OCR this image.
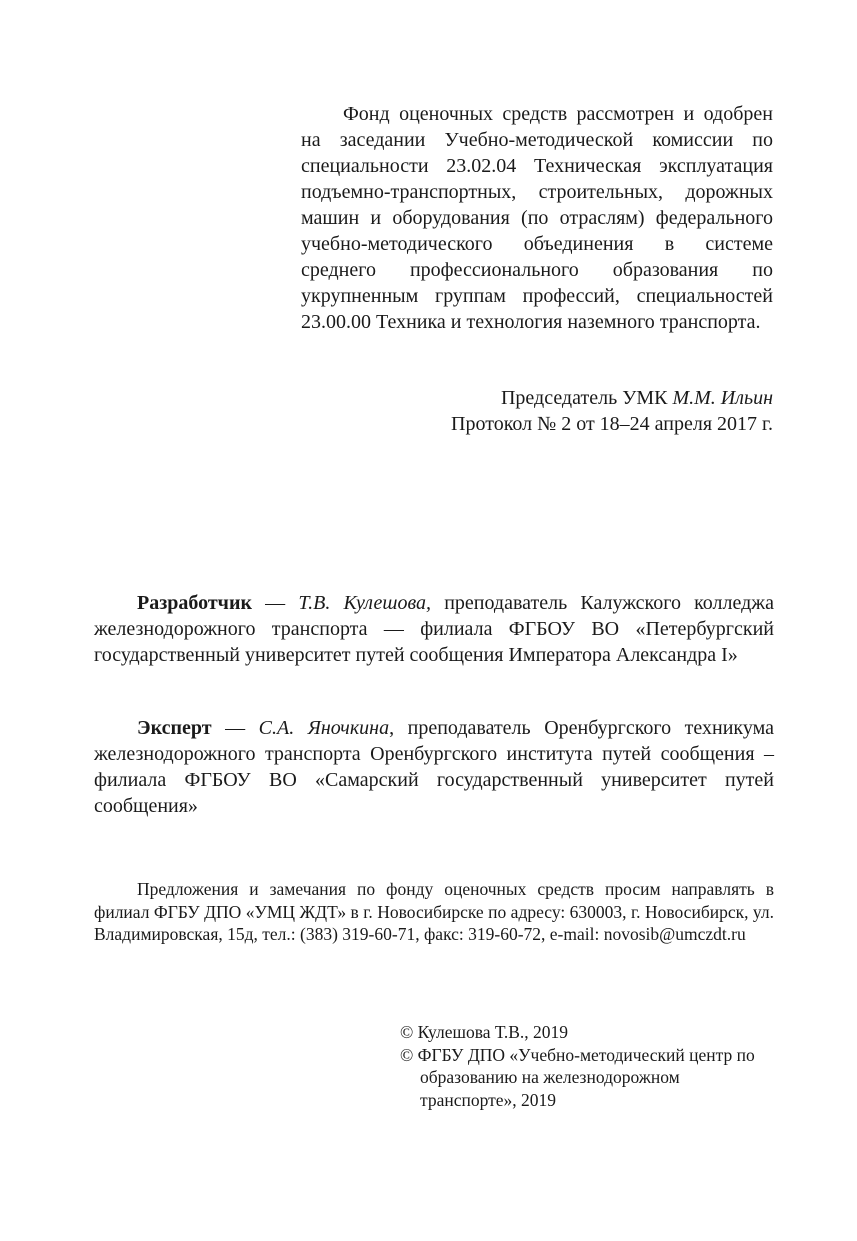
Фонд оценочных средств рассмотрен и одобрен на заседании Учебно-методической комиссии по специальности 23.02.04 Техническая эксплуатация подъемно-транспортных, строительных, дорожных машин и оборудования (по отраслям) федерального учебно-методического объединения в системе среднего профессионального образования по укрупненным группам профессий, специальностей 23.00.00 Техника и технология наземного транспорта.

Председатель УМК М.М. Ильин
Протокол № 2 от 18–24 апреля 2017 г.

Разработчик — Т.В. Кулешова, преподаватель Калужского колледжа железнодорожного транспорта — филиала ФГБОУ ВО «Петербургский государственный университет путей сообщения Императора Александра I»

Эксперт — С.А. Яночкина, преподаватель Оренбургского техникума железнодорожного транспорта Оренбургского института путей сообщения – филиала ФГБОУ ВО «Самарский государственный университет путей сообщения»

Предложения и замечания по фонду оценочных средств просим направлять в филиал ФГБУ ДПО «УМЦ ЖДТ» в г. Новосибирске по адресу: 630003, г. Новосибирск, ул. Владимировская, 15д, тел.: (383) 319-60-71, факс: 319-60-72, e-mail: novosib@umczdt.ru

© Кулешова Т.В., 2019
© ФГБУ ДПО «Учебно-методический центр по образованию на железнодорожном транспорте», 2019
